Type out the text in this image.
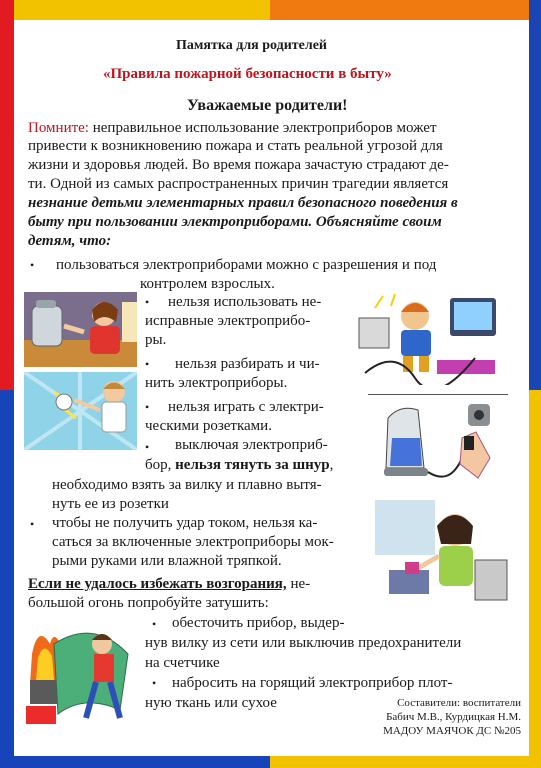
Памятка для родителей
«Правила пожарной безопасности в быту»
Уважаемые родители!
Помните: неправильное использование электроприборов может
привести к возникновению пожара и стать реальной угрозой для
жизни и здоровья людей. Во время пожара зачастую страдают де-
ти. Одной из самых распространенных причин трагедии является
незнание детьми элементарных правил безопасного поведения в
быту при пользовании электроприборами. Объясняйте своим
детям, что:
• пользоваться электроприборами можно с разрешения и под
контролем взрослых.
• нельзя использовать не-
исправные электроприбо-
ры.
• нельзя разбирать и чи-
нить электроприборы.
• нельзя играть с электри-
ческими розетками.
• выключая электроприб-
бор, нельзя тянуть за шнур,
необходимо взять за вилку и плавно вытя-
нуть ее из розетки
• чтобы не получить удар током, нельзя ка-
саться за включенные электроприборы мок-
рыми руками или влажной тряпкой.
Если не удалось избежать возгорания, не-
большой огонь попробуйте затушить:
• обесточить прибор, выдер-
нув вилку из сети или выключив предохранители
на счетчике
• набросить на горящий электроприбор плот-
ную ткань или сухое	Составители: воспитатели
Бабич М.В., Курдицкая Н.М.
МАДОУ МАЯЧОК ДС №205
